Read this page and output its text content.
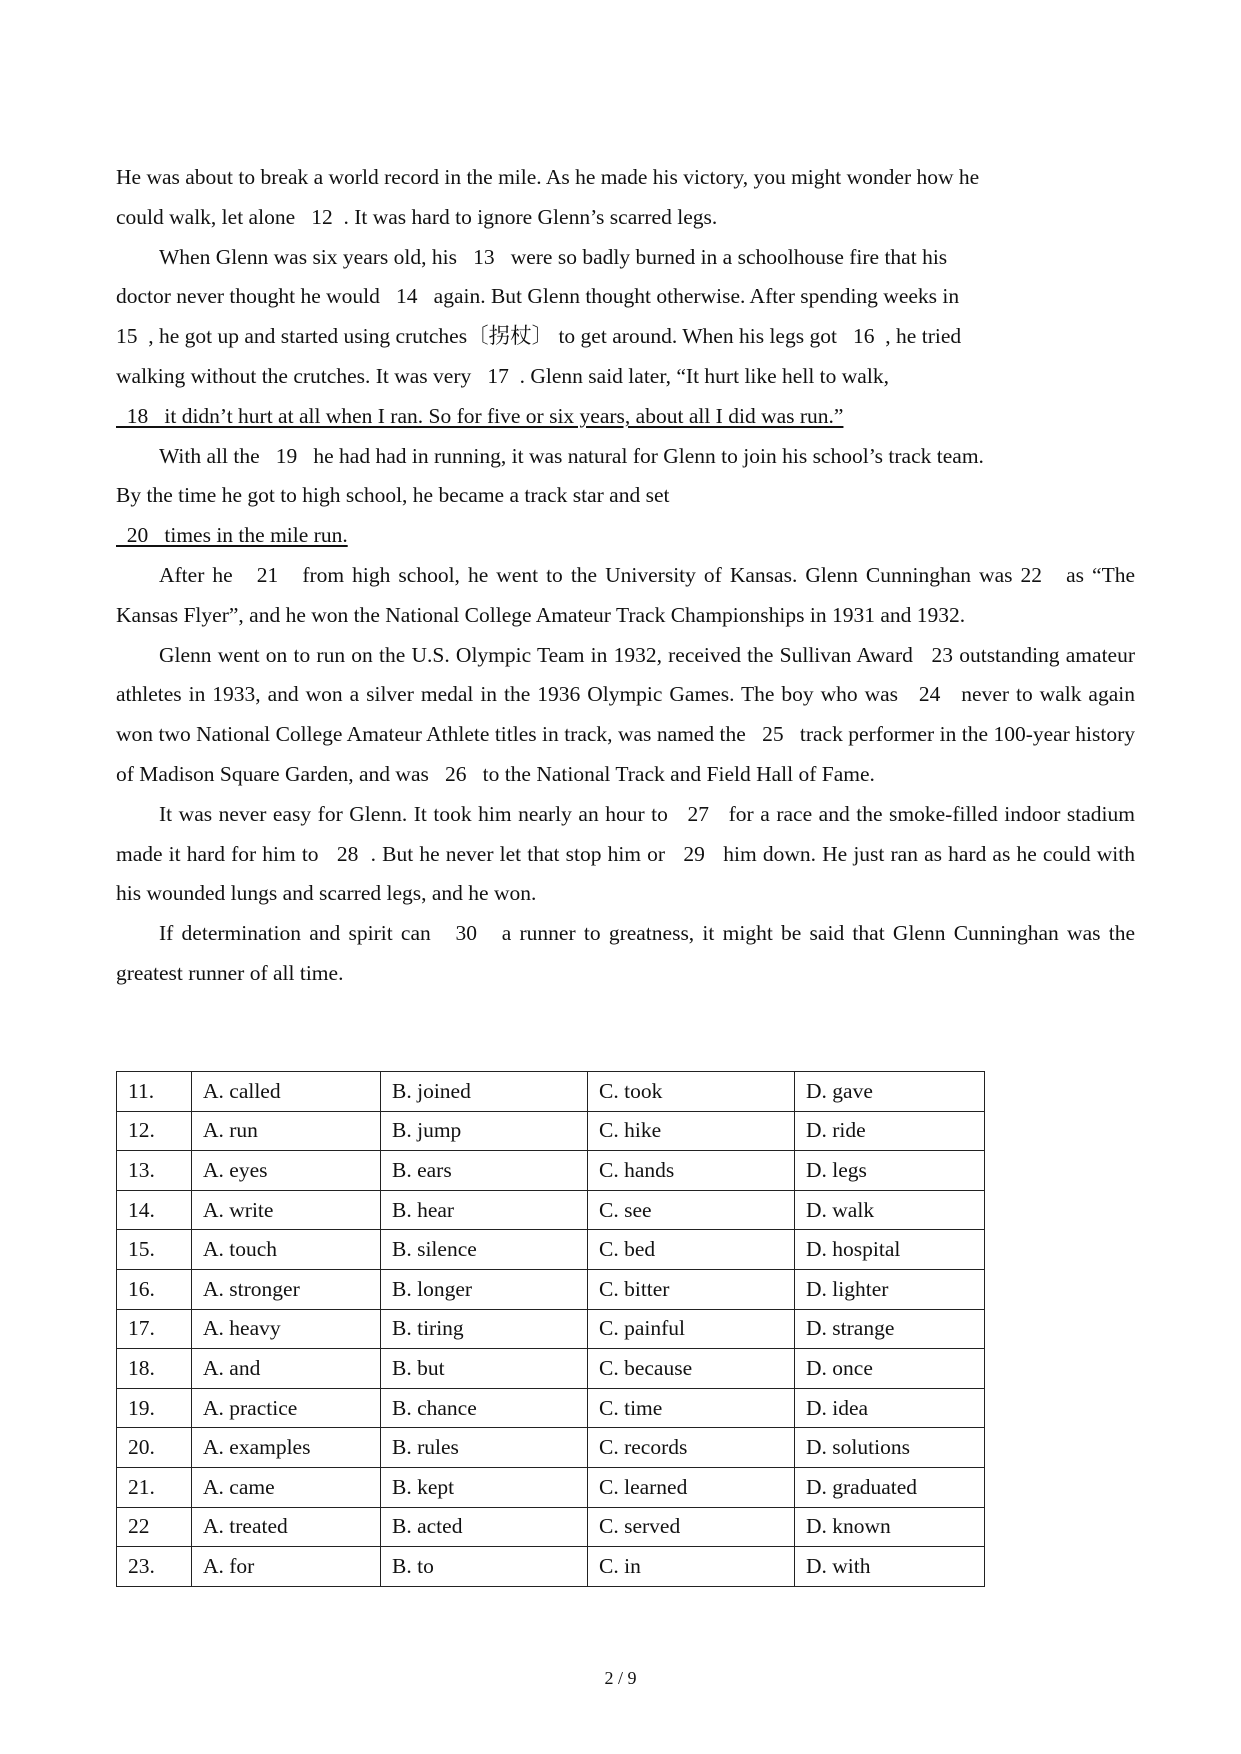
He was about to break a world record in the mile. As he made his victory, you might wonder how he
could walk, let alone   12  . It was hard to ignore Glenn’s scarred legs.

When Glenn was six years old, his   13   were so badly burned in a schoolhouse fire that his
doctor never thought he would   14   again. But Glenn thought otherwise. After spending weeks in
15  , he got up and started using crutches〔拐杖〕 to get around. When his legs got   16  , he tried
walking without the crutches. It was very   17  . Glenn said later, “It hurt like hell to walk,
18   it didn’t hurt at all when I ran. So for five or six years, about all I did was run.”

With all the   19   he had had in running, it was natural for Glenn to join his school’s track team.
By the time he got to high school, he became a track star and set
20   times in the mile run.

After he   21   from high school, he went to the University of Kansas. Glenn Cunninghan was 22   as “The Kansas Flyer”, and he won the National College Amateur Track Championships in 1931 and 1932.

Glenn went on to run on the U.S. Olympic Team in 1932, received the Sullivan Award   23 outstanding amateur athletes in 1933, and won a silver medal in the 1936 Olympic Games. The boy who was   24   never to walk again won two National College Amateur Athlete titles in track, was named the   25   track performer in the 100-year history of Madison Square Garden, and was   26   to the National Track and Field Hall of Fame.

It was never easy for Glenn. It took him nearly an hour to   27   for a race and the smoke-filled indoor stadium made it hard for him to   28  . But he never let that stop him or   29   him down. He just ran as hard as he could with his wounded lungs and scarred legs, and he won.

If determination and spirit can   30   a runner to greatness, it might be said that Glenn Cunninghan was the greatest runner of all time.

11.	A. called	B. joined	C. took	D. gave
12.	A. run	B. jump	C. hike	D. ride
13.	A. eyes	B. ears	C. hands	D. legs
14.	A. write	B. hear	C. see	D. walk
15.	A. touch	B. silence	C. bed	D. hospital
16.	A. stronger	B. longer	C. bitter	D. lighter
17.	A. heavy	B. tiring	C. painful	D. strange
18.	A. and	B. but	C. because	D. once
19.	A. practice	B. chance	C. time	D. idea
20.	A. examples	B. rules	C. records	D. solutions
21.	A. came	B. kept	C. learned	D. graduated
22	A. treated	B. acted	C. served	D. known
23.	A. for	B. to	C. in	D. with
2 / 9
